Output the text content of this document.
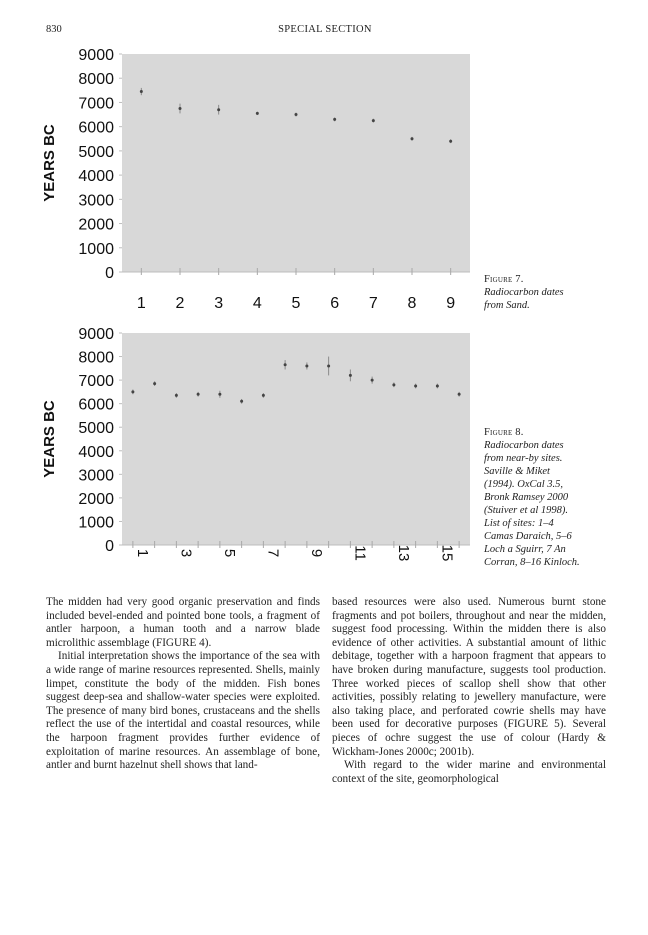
830	SPECIAL SECTION
0
1000
2000
3000
4000
5000
6000
7000
8000
9000
YEARS BC
1 2 3 4 5 6 7 8 9
Figure 7.
Radiocarbon dates
from Sand.
0
1000
2000
3000
4000
5000
6000
7000
8000
9000
YEARS BC
1 3 5 7 9 11 13 15
Figure 8.
Radiocarbon dates
from near-by sites.
Saville & Miket
(1994). OxCal 3.5,
Bronk Ramsey 2000
(Stuiver et al 1998).
List of sites: 1–4
Camas Daraich, 5–6
Loch a Sguirr, 7 An
Corran, 8–16 Kinloch.

The midden had very good organic preservation and finds included bevel-ended and pointed bone tools, a fragment of antler harpoon, a human tooth and a narrow blade microlithic assemblage (FIGURE 4).

Initial interpretation shows the importance of the sea with a wide range of marine resources represented. Shells, mainly limpet, constitute the body of the midden. Fish bones suggest deep-sea and shallow-water species were exploited. The presence of many bird bones, crustaceans and the shells reflect the use of the intertidal and coastal resources, while the harpoon fragment provides further evidence of exploitation of marine resources. An assemblage of bone, antler and burnt hazelnut shell shows that land-

based resources were also used. Numerous burnt stone fragments and pot boilers, throughout and near the midden, suggest food processing. Within the midden there is also evidence of other activities. A substantial amount of lithic debitage, together with a harpoon fragment that appears to have broken during manufacture, suggests tool production. Three worked pieces of scallop shell show that other activities, possibly relating to jewellery manufacture, were also taking place, and perforated cowrie shells may have been used for decorative purposes (FIGURE 5). Several pieces of ochre suggest the use of colour (Hardy & Wickham-Jones 2000c; 2001b).

With regard to the wider marine and environmental context of the site, geomorphological
